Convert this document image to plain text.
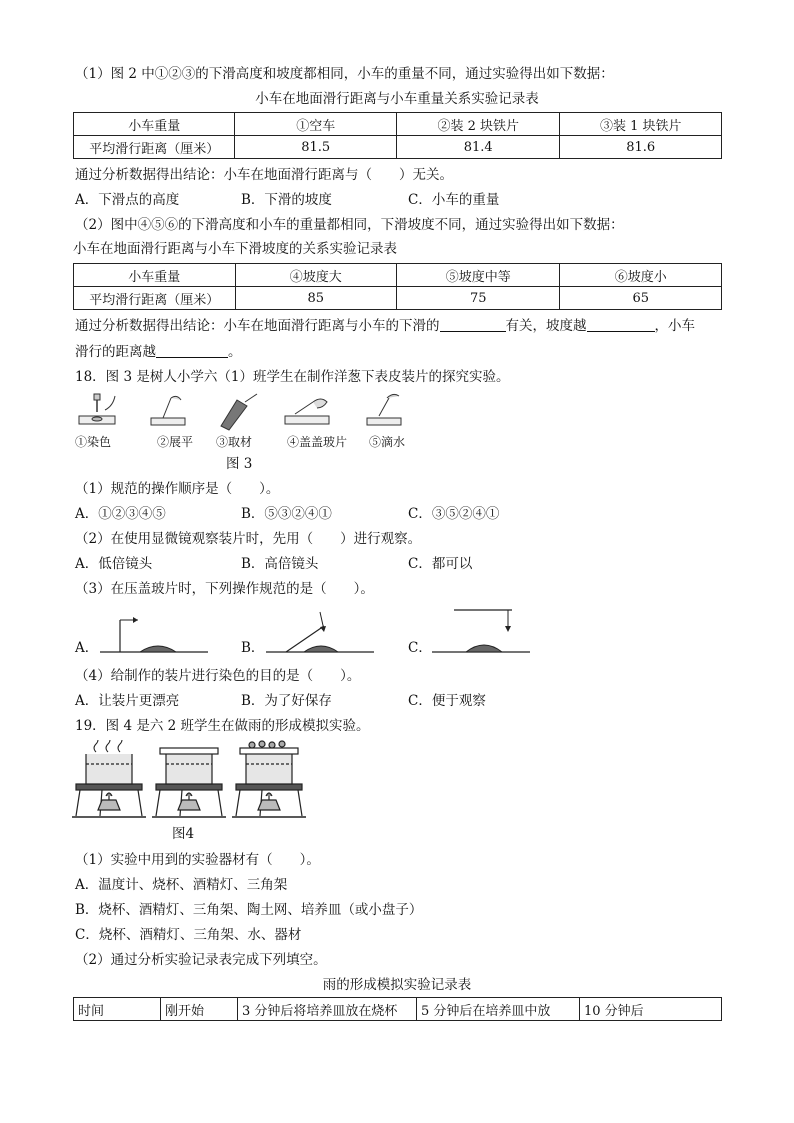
（1）图 2 中①②③的下滑高度和坡度都相同，小车的重量不同，通过实验得出如下数据：
小车在地面滑行距离与小车重量关系实验记录表
小车重量	①空车	②装 2 块铁片	③装 1 块铁片
平均滑行距离（厘米）	81.5	81.4	81.6
通过分析数据得出结论：小车在地面滑行距离与（　　）无关。
A．下滑点的高度	B．下滑的坡度	C．小车的重量
（2）图中④⑤⑥的下滑高度和小车的重量都相同，下滑坡度不同，通过实验得出如下数据：
小车在地面滑行距离与小车下滑坡度的关系实验记录表
小车重量	④坡度大	⑤坡度中等	⑥坡度小
平均滑行距离（厘米）	85	75	65
通过分析数据得出结论：小车在地面滑行距离与小车的下滑的	有关，坡度越	，小车
滑行的距离越	。
18．图 3 是树人小学六（1）班学生在制作洋葱下表皮装片的探究实验。
①染色	②展平 ③取材	④盖盖玻片 ⑤滴水
图 3
（1）规范的操作顺序是（　　）。
A．①②③④⑤	B．⑤③②④①	C．③⑤②④①
（2）在使用显微镜观察装片时，先用（　　）进行观察。
A．低倍镜头	B．高倍镜头	C．都可以
（3）在压盖玻片时，下列操作规范的是（　　）。
A．	B．	C．
（4）给制作的装片进行染色的目的是（　　）。
A．让装片更漂亮	B．为了好保存	C．便于观察
19．图 4 是六 2 班学生在做雨的形成模拟实验。
图4
（1）实验中用到的实验器材有（　　）。
A．温度计、烧杯、酒精灯、三角架
B．烧杯、酒精灯、三角架、陶土网、培养皿（或小盘子）
C．烧杯、酒精灯、三角架、水、器材
（2）通过分析实验记录表完成下列填空。
雨的形成模拟实验记录表
时间	刚开始	3 分钟后将培养皿放在烧杯	5 分钟后在培养皿中放	10 分钟后
